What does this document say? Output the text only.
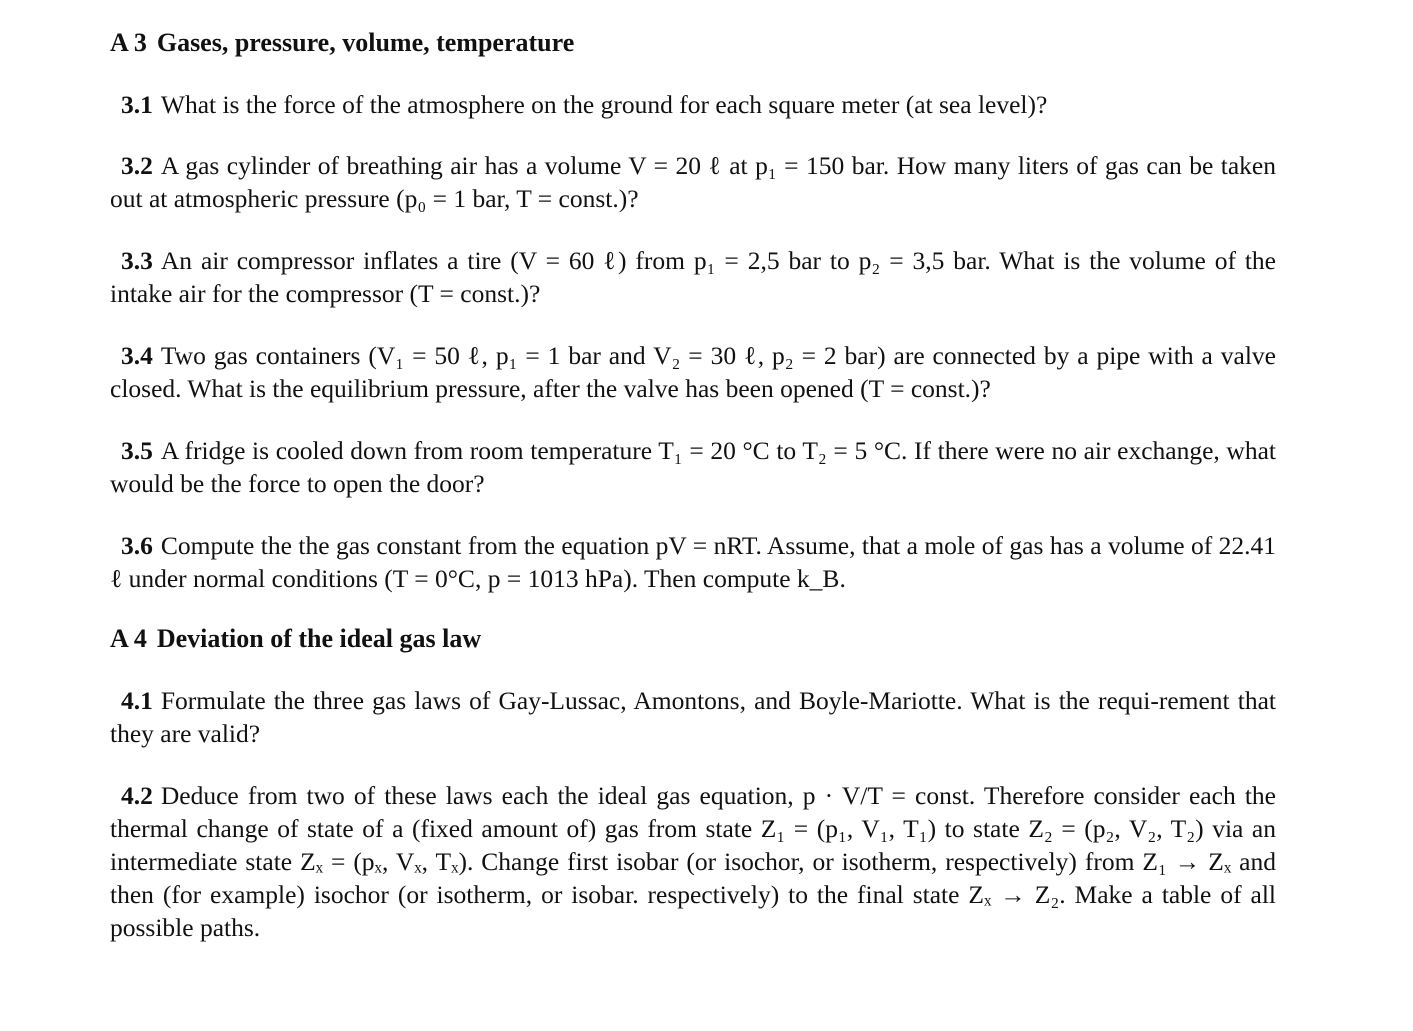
A 3 Gases, pressure, volume, temperature

3.1 What is the force of the atmosphere on the ground for each square meter (at sea level)?

3.2 A gas cylinder of breathing air has a volume V = 20 ℓ at p₁ = 150 bar. How many liters of gas can be taken out at atmospheric pressure (p₀ = 1 bar, T = const.)?

3.3 An air compressor inflates a tire (V = 60 ℓ) from p₁ = 2,5 bar to p₂ = 3,5 bar. What is the volume of the intake air for the compressor (T = const.)?

3.4 Two gas containers (V₁ = 50 ℓ, p₁ = 1 bar and V₂ = 30 ℓ, p₂ = 2 bar) are connected by a pipe with a valve closed. What is the equilibrium pressure, after the valve has been opened (T = const.)?

3.5 A fridge is cooled down from room temperature T₁ = 20 °C to T₂ = 5 °C. If there were no air exchange, what would be the force to open the door?

3.6 Compute the the gas constant from the equation pV = nRT. Assume, that a mole of gas has a volume of 22.41 ℓ under normal conditions (T = 0°C, p = 1013 hPa). Then compute k_B.

A 4 Deviation of the ideal gas law

4.1 Formulate the three gas laws of Gay-Lussac, Amontons, and Boyle-Mariotte. What is the requi-rement that they are valid?

4.2 Deduce from two of these laws each the ideal gas equation, p · V/T = const. Therefore consider each the thermal change of state of a (fixed amount of) gas from state Z₁ = (p₁, V₁, T₁) to state Z₂ = (p₂, V₂, T₂) via an intermediate state Zₓ = (pₓ, Vₓ, Tₓ). Change first isobar (or isochor, or isotherm, respectively) from Z₁ → Zₓ and then (for example) isochor (or isotherm, or isobar. respectively) to the final state Zₓ → Z₂. Make a table of all possible paths.
